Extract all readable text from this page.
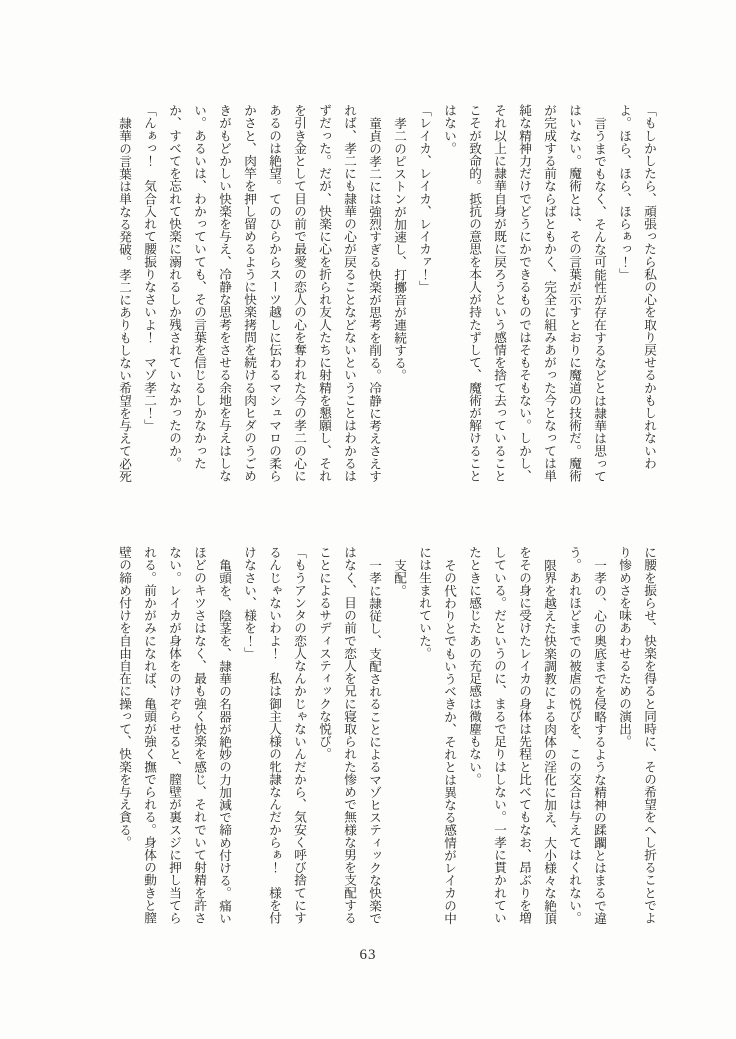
「もしかしたら、頑張ったら私の心を取り戻せるかもしれないわよ。ほら、ほら、ほらぁっ！」

言うまでもなく、そんな可能性が存在するなどとは隷華は思ってはいない。魔術とは、その言葉が示すとおりに魔道の技術だ。魔術が完成する前ならばともかく、完全に組みあがった今となっては単純な精神力だけでどうにかできるものではそもそもない。しかし、それ以上に隷華自身が既に戻ろうという感情を捨て去っていることこそが致命的。抵抗の意思を本人が持たずして、魔術が解けることはない。

「レイカ、レイカ、レイカァ！」

孝二のピストンが加速し、打擲音が連続する。

童貞の孝二には強烈すぎる快楽が思考を削る。冷静に考えさえすれば、孝二にも隷華の心が戻ることなどないということはわかるはずだった。だが、快楽に心を折られ友人たちに射精を懇願し、それを引き金として目の前で最愛の恋人の心を奪われた今の孝二の心にあるのは絶望。てのひらからスーツ越しに伝わるマシュマロの柔らかさと、肉竿を押し留めるように快楽拷問を続ける肉ヒダのうごめきがもどかしい快楽を与え、冷静な思考をさせる余地を与えはしない。あるいは、わかっていても、その言葉を信じるしかなかったか、すべてを忘れて快楽に溺れるしか残されていなかったのか。

「んぁっ！　気合入れて腰振りなさいよ！　マゾ孝二！」

隷華の言葉は単なる発破。孝二にありもしない希望を与えて必死

に腰を振らせ、快楽を得ると同時に、その希望をへし折ることでより惨めさを味あわせるための演出。

一孝の、心の奥底までを侵略するような精神の蹂躙とはまるで違う。あれほどまでの被虐の悦びを、この交合は与えてはくれない。

限界を越えた快楽調教による肉体の淫化に加え、大小様々な絶頂をその身に受けたレイカの身体は先程と比べてもなお、昂ぶりを増している。だというのに、まるで足りはしない。一孝に貫かれていたときに感じたあの充足感は微塵もない。

その代わりとでもいうべきか、それとは異なる感情がレイカの中には生まれていた。

支配。

一孝に隷従し、支配されることによるマゾヒスティックな快楽ではなく、目の前で恋人を兄に寝取られた惨めで無様な男を支配することによるサディスティックな悦び。

「もうアンタの恋人なんかじゃないんだから、気安く呼び捨てにするんじゃないわよ！　私は御主人様の牝隷なんだからぁ！　様を付けなさい、様を！」

亀頭を、陰茎を、隷華の名器が絶妙の力加減で締め付ける。痛いほどのキツさはなく、最も強く快楽を感じ、それでいて射精を許さない。レイカが身体をのけぞらせると、膣壁が裏スジに押し当てられる。前かがみになれば、亀頭が強く撫でられる。身体の動きと膣壁の締め付けを自由自在に操って、快楽を与え貪る。

63
